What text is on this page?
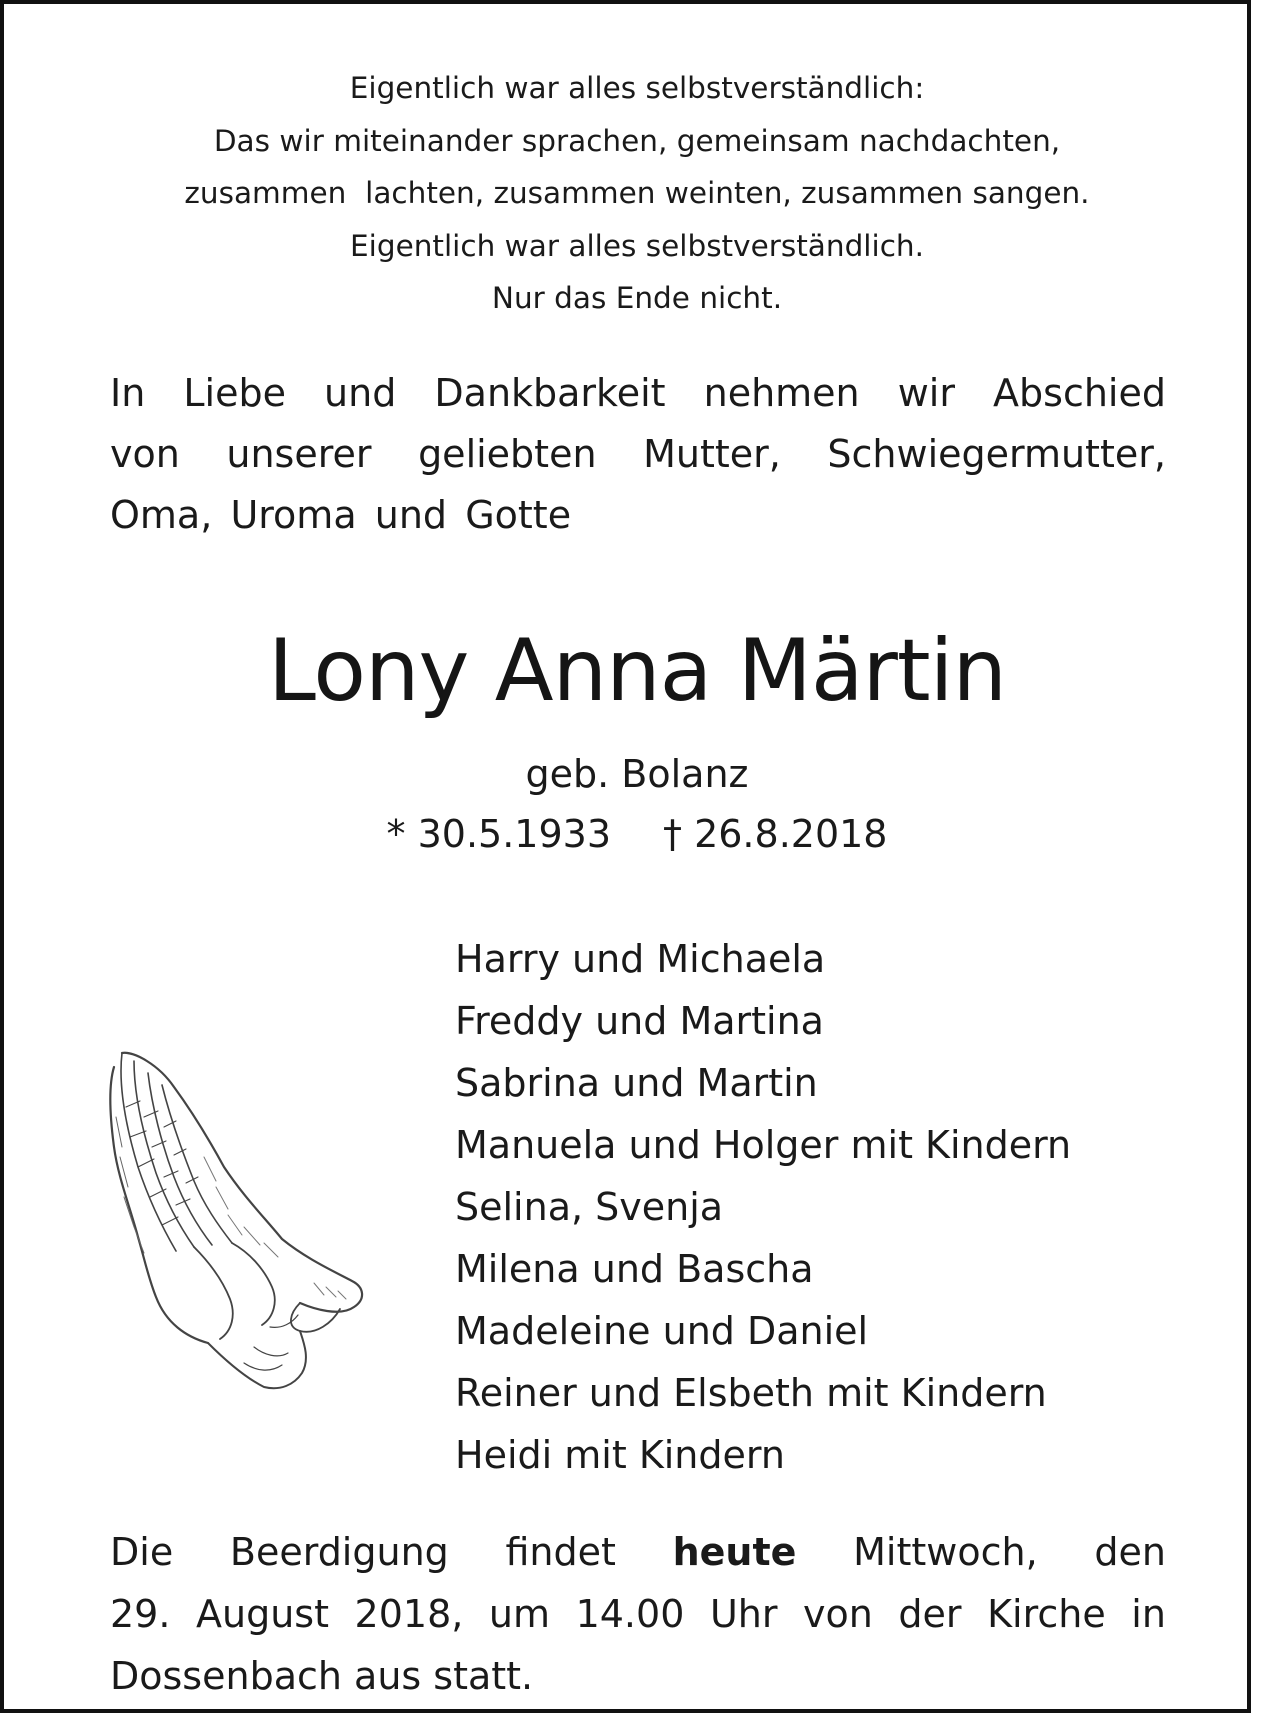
Eigentlich war alles selbstverständlich:
Das wir miteinander sprachen, gemeinsam nachdachten,
zusammen  lachten, zusammen weinten, zusammen sangen.
Eigentlich war alles selbstverständlich.
Nur das Ende nicht.
In Liebe und Dankbarkeit nehmen wir Abschied
von unserer geliebten Mutter, Schwiegermutter,
Oma, Uroma und Gotte
Lony Anna Märtin
geb. Bolanz
* 30.5.1933 † 26.8.2018
Harry und Michaela
Freddy und Martina
Sabrina und Martin
Manuela und Holger mit Kindern
Selina, Svenja
Milena und Bascha
Madeleine und Daniel
Reiner und Elsbeth mit Kindern
Heidi mit Kindern
Die Beerdigung findet heute Mittwoch, den
29. August 2018, um 14.00 Uhr von der Kirche in
Dossenbach aus statt.
